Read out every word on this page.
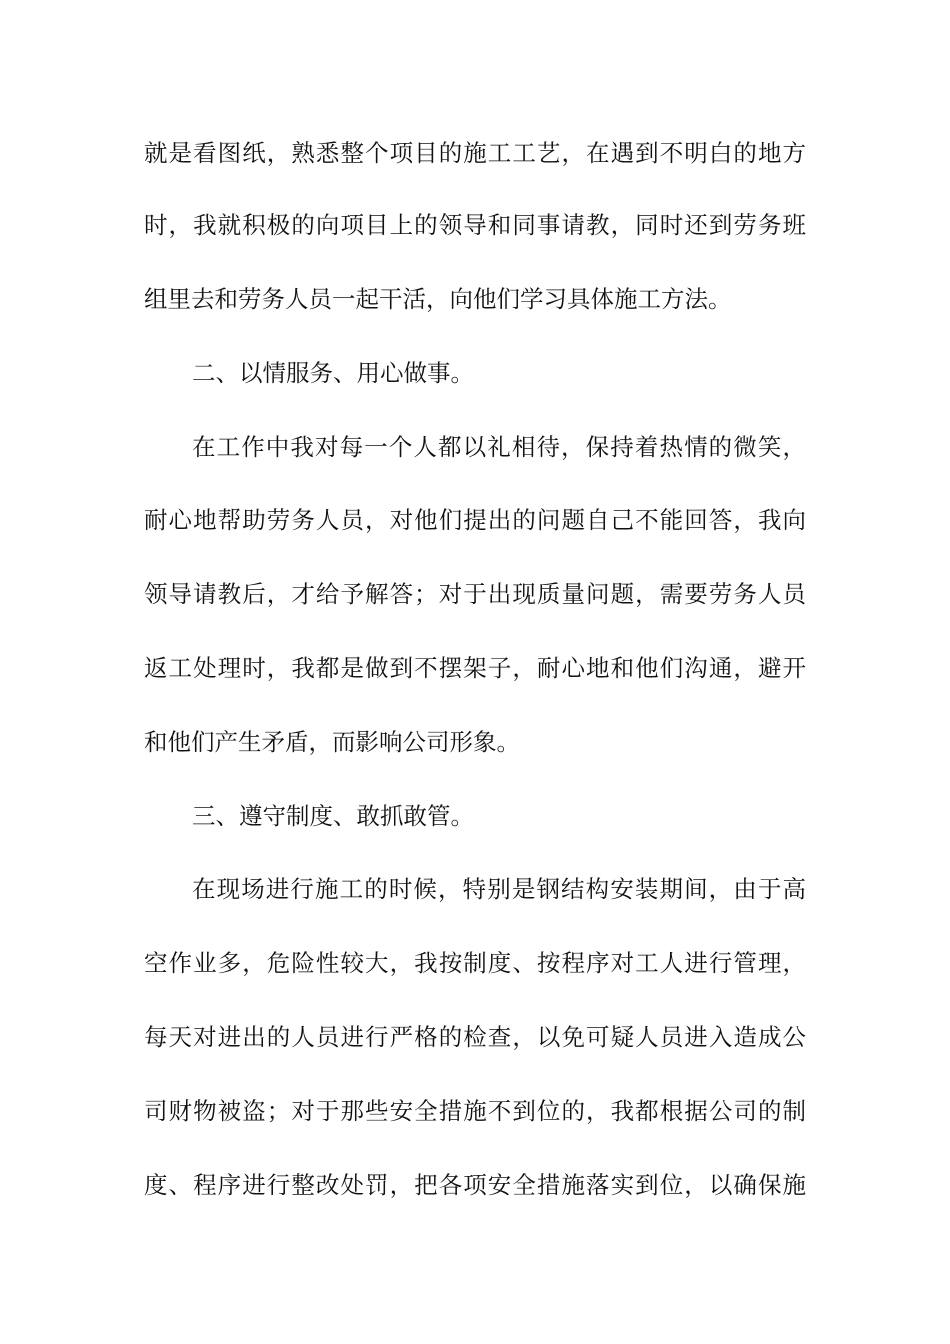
就是看图纸，熟悉整个项目的施工工艺，在遇到不明白的地方
时，我就积极的向项目上的领导和同事请教，同时还到劳务班
组里去和劳务人员一起干活，向他们学习具体施工方法。
二、以情服务、用心做事。
在工作中我对每一个人都以礼相待，保持着热情的微笑，
耐心地帮助劳务人员，对他们提出的问题自己不能回答，我向
领导请教后，才给予解答；对于出现质量问题，需要劳务人员
返工处理时，我都是做到不摆架子，耐心地和他们沟通，避开
和他们产生矛盾，而影响公司形象。
三、遵守制度、敢抓敢管。
在现场进行施工的时候，特别是钢结构安装期间，由于高
空作业多，危险性较大，我按制度、按程序对工人进行管理，
每天对进出的人员进行严格的检查，以免可疑人员进入造成公
司财物被盗；对于那些安全措施不到位的，我都根据公司的制
度、程序进行整改处罚，把各项安全措施落实到位，以确保施
